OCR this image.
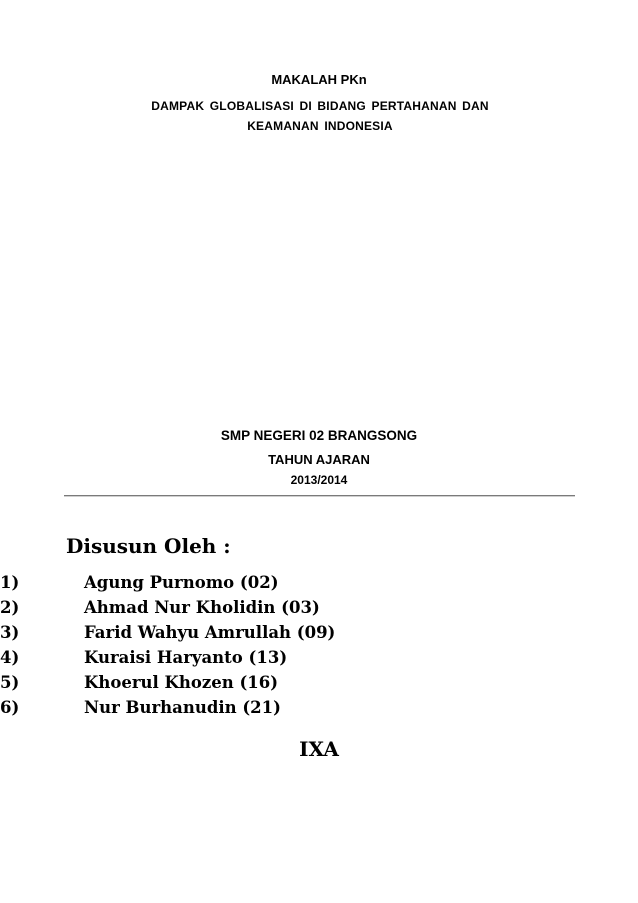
MAKALAH PKn
DAMPAK GLOBALISASI DI BIDANG PERTAHANAN DAN
KEAMANAN INDONESIA
SMP NEGERI 02 BRANGSONG
TAHUN AJARAN
2013/2014
Disusun Oleh :
1)	Agung Purnomo (02)
2)	Ahmad Nur Kholidin (03)
3)	Farid Wahyu Amrullah (09)
4)	Kuraisi Haryanto (13)
5)	Khoerul Khozen (16)
6)	Nur Burhanudin (21)
IXA
